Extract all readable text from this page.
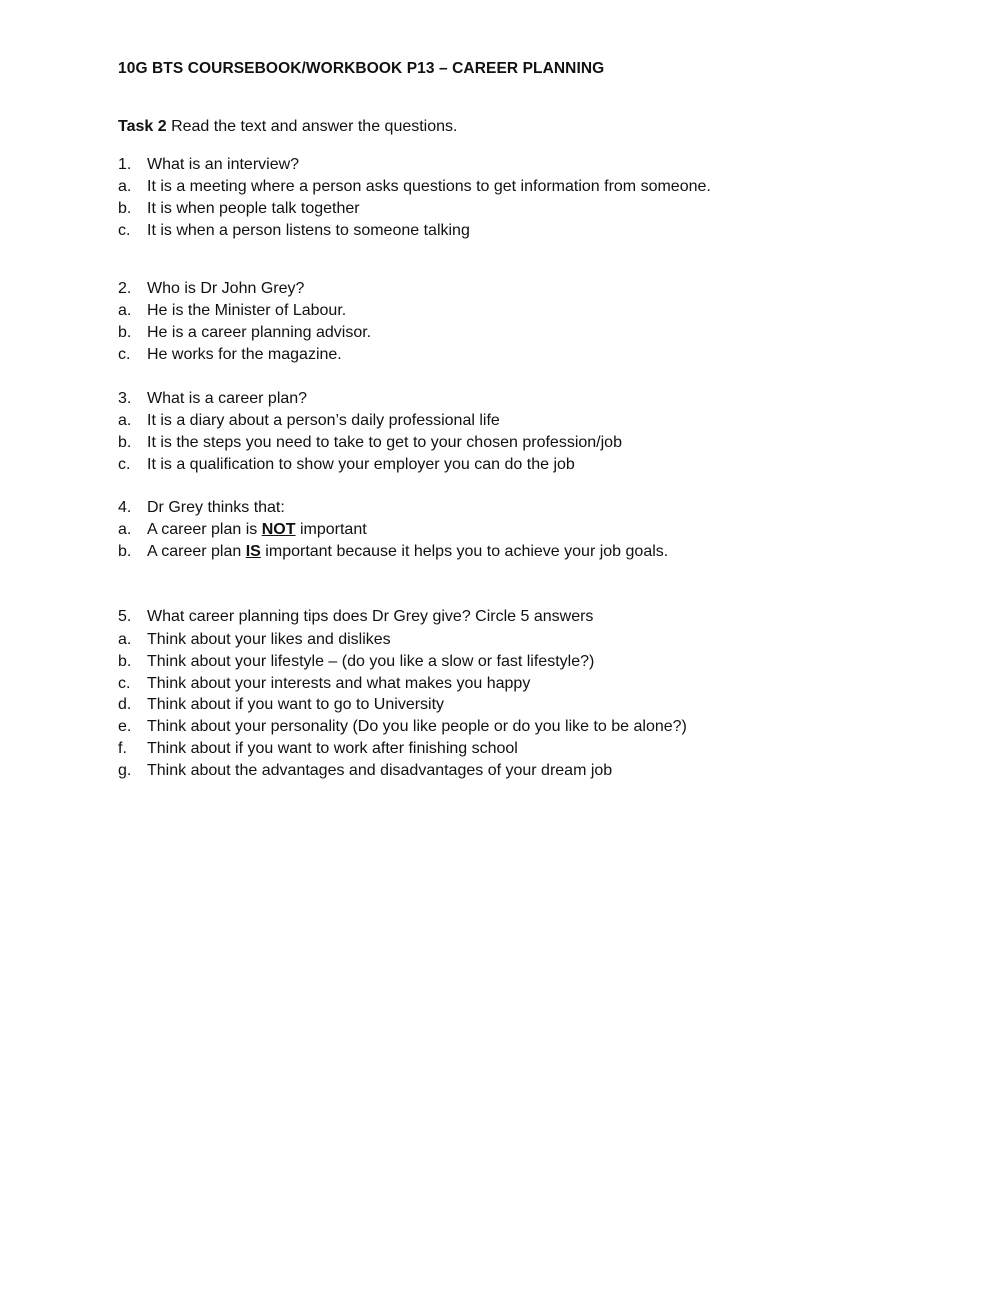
10G BTS COURSEBOOK/WORKBOOK P13 – CAREER PLANNING

Task 2 Read the text and answer the questions.

1. What is an interview?
a. It is a meeting where a person asks questions to get information from someone.
b. It is when people talk together
c.	It is when a person listens to someone talking
2. Who is Dr John Grey?
a. He is the Minister of Labour.
b. He is a career planning advisor.
c.	He works for the magazine.
3. What is a career plan?
a. It is a diary about a person’s daily professional life
b. It is the steps you need to take to get to your chosen profession/job
c.	It is a qualification to show your employer you can do the job
4. Dr Grey thinks that:
a. A career plan is NOT important
b. A career plan IS important because it helps you to achieve your job goals.
5. What career planning tips does Dr Grey give? Circle 5 answers
a. Think about your likes and dislikes
b. Think about your lifestyle – (do you like a slow or fast lifestyle?)
c.	Think about your interests and what makes you happy
d. Think about if you want to go to University
e. Think about your personality (Do you like people or do you like to be alone?)
f.	Think about if you want to work after finishing school
g. Think about the advantages and disadvantages of your dream job
